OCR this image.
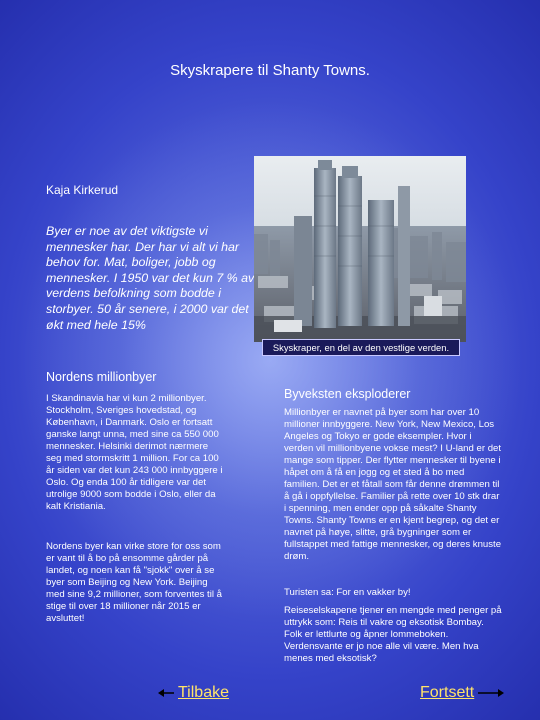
Skyskrapere til Shanty Towns.
Kaja Kirkerud
Byer er noe av det viktigste vi mennesker har. Der har vi alt vi har behov for. Mat, boliger, jobb og mennesker. I 1950 var det kun 7 % av verdens befolkning som bodde i storbyer. 50 år senere, i 2000 var det økt med hele 15%
Skyskraper, en del av den vestlige verden.
Nordens millionbyer
I Skandinavia har vi kun 2 millionbyer. Stockholm, Sveriges hovedstad, og København, i Danmark. Oslo er fortsatt ganske langt unna, med sine ca 550 000 mennesker. Helsinki derimot nærmere seg med stormskritt 1 million. For ca 100 år siden var det kun 243 000 innbyggere i Oslo. Og enda 100 år tidligere var det utrolige 9000 som bodde i Oslo, eller da kalt Kristiania.
Nordens byer kan virke store for oss som er vant til å bo på ensomme gårder på landet, og noen kan få "sjokk" over å se byer som Beijing og New York. Beijing med sine 9,2 millioner, som forventes til å stige til over 18 millioner når 2015 er avsluttet!
Byveksten eksploderer
Millionbyer er navnet på byer som har over 10 millioner innbyggere. New York, New Mexico, Los Angeles og Tokyo er gode eksempler. Hvor i verden vil millionbyene vokse mest? I U-land er det mange som tipper. Der flytter mennesker til byene i håpet om å få en jogg og et sted å bo med familien. Det er et fåtall som får denne drømmen til å gå i oppfyllelse. Familier på rette over 10 stk drar i spenning, men ender opp på såkalte Shanty Towns. Shanty Towns er en kjent begrep, og det er navnet på høye, slitte, grå bygninger som er fullstappet med fattige mennesker, og deres knuste drøm.
Turisten sa: For en vakker by!
Reiseselskapene tjener en mengde med penger på uttrykk som: Reis til vakre og eksotisk Bombay. Folk er lettlurte og åpner lommeboken. Verdensvante er jo noe alle vil være. Men hva menes med eksotisk?
Tilbake	Fortsett
